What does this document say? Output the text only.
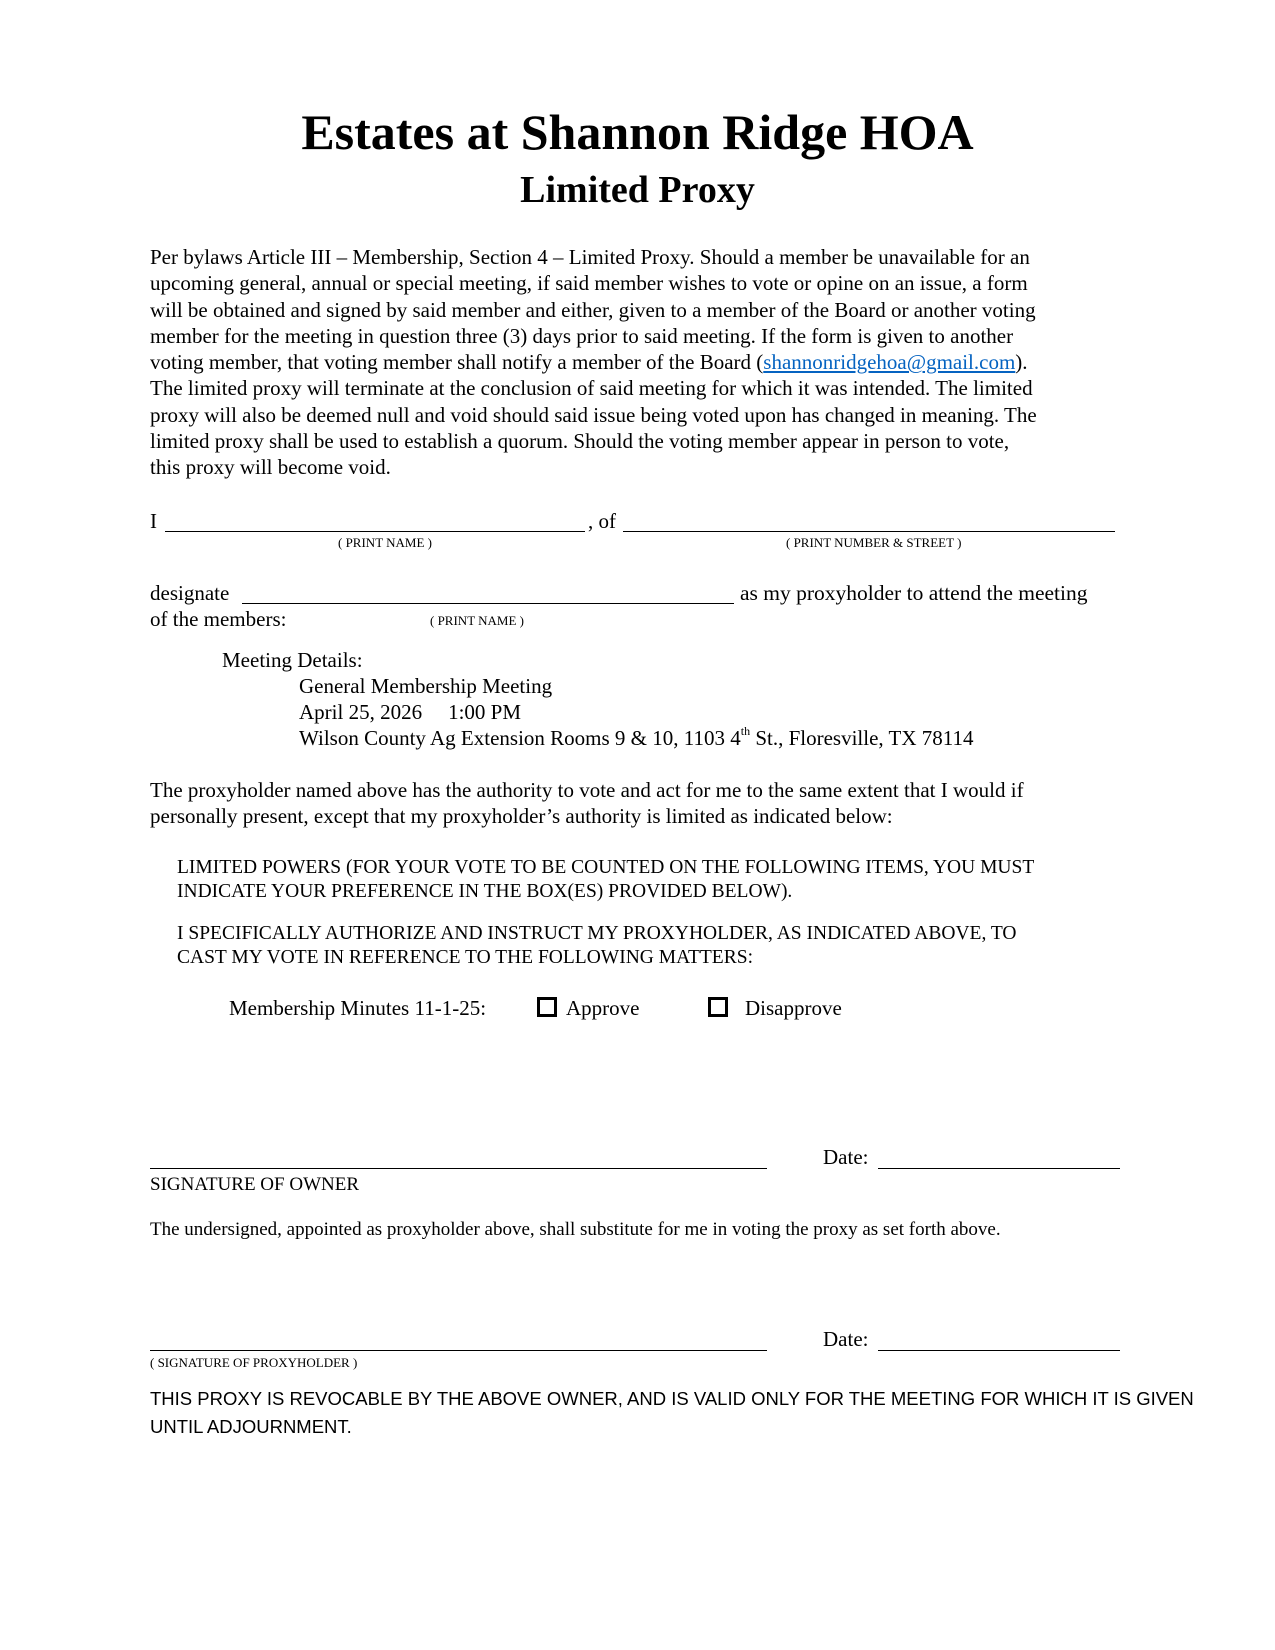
Estates at Shannon Ridge HOA
Limited Proxy
Per bylaws Article III – Membership, Section 4 – Limited Proxy. Should a member be unavailable for an
upcoming general, annual or special meeting, if said member wishes to vote or opine on an issue, a form
will be obtained and signed by said member and either, given to a member of the Board or another voting
member for the meeting in question three (3) days prior to said meeting. If the form is given to another
voting member, that voting member shall notify a member of the Board (shannonridgehoa@gmail.com).
The limited proxy will terminate at the conclusion of said meeting for which it was intended. The limited
proxy will also be deemed null and void should said issue being voted upon has changed in meaning. The
limited proxy shall be used to establish a quorum. Should the voting member appear in person to vote,
this proxy will become void.
I	, of
( PRINT NAME )	( PRINT NUMBER & STREET )
designate	as my proxyholder to attend the meeting
of the members:	( PRINT NAME )
Meeting Details:
General Membership Meeting
April 25, 2026 1:00 PM
Wilson County Ag Extension Rooms 9 & 10, 1103 4th St., Floresville, TX 78114
The proxyholder named above has the authority to vote and act for me to the same extent that I would if
personally present, except that my proxyholder’s authority is limited as indicated below:
LIMITED POWERS (FOR YOUR VOTE TO BE COUNTED ON THE FOLLOWING ITEMS, YOU MUST
INDICATE YOUR PREFERENCE IN THE BOX(ES) PROVIDED BELOW).
I SPECIFICALLY AUTHORIZE AND INSTRUCT MY PROXYHOLDER, AS INDICATED ABOVE, TO
CAST MY VOTE IN REFERENCE TO THE FOLLOWING MATTERS:
Membership Minutes 11-1-25:	Approve	Disapprove
Date:
SIGNATURE OF OWNER
The undersigned, appointed as proxyholder above, shall substitute for me in voting the proxy as set forth above.
Date:
( SIGNATURE OF PROXYHOLDER )
THIS PROXY IS REVOCABLE BY THE ABOVE OWNER, AND IS VALID ONLY FOR THE MEETING FOR WHICH IT IS GIVEN
UNTIL ADJOURNMENT.
